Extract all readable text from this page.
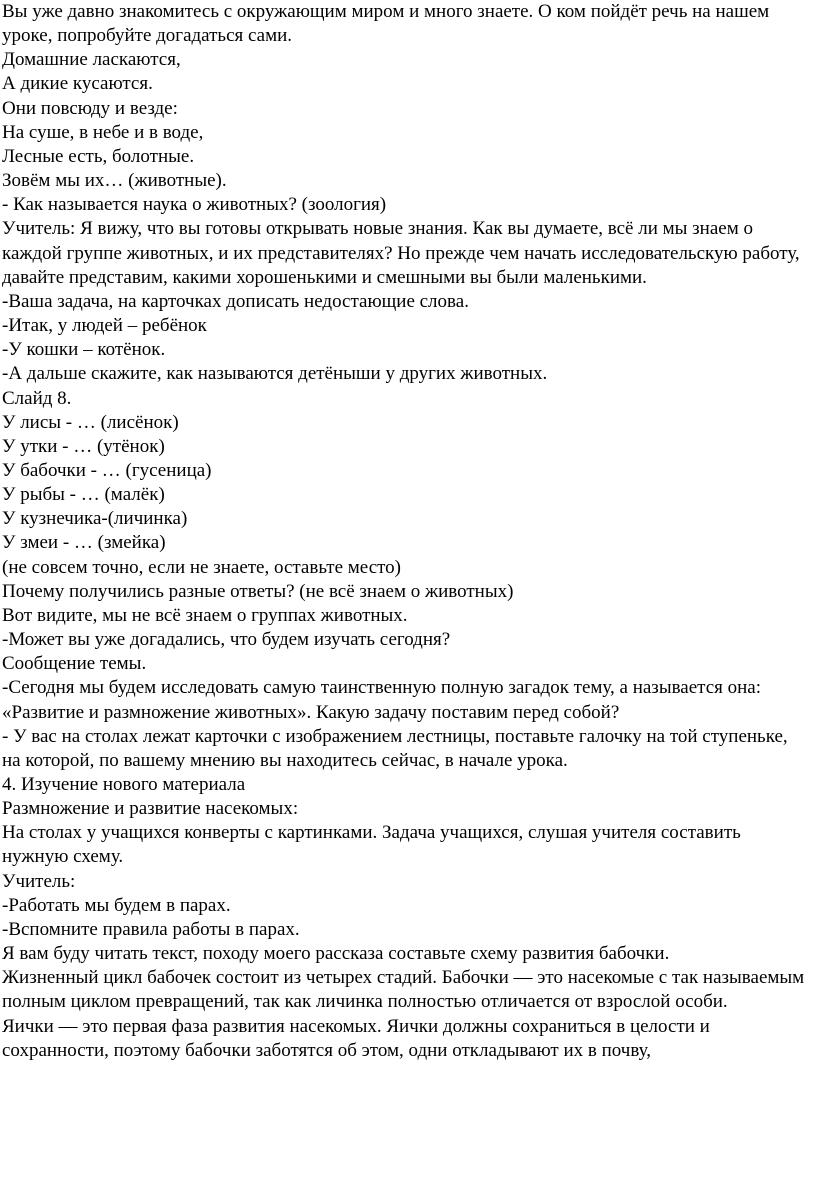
Вы уже давно знакомитесь с окружающим миром и много знаете. О ком пойдёт речь на нашем уроке, попробуйте догадаться сами.

Домашние ласкаются,

А дикие кусаются.

Они повсюду и везде:

На суше, в небе и в воде,

Лесные есть, болотные.

Зовём мы их… (животные).

- Как называется наука о животных? (зоология)

Учитель: Я вижу, что вы готовы открывать новые знания. Как вы думаете, всё ли мы знаем о каждой группе животных, и их представителях? Но прежде чем начать исследовательскую работу, давайте представим, какими хорошенькими и смешными вы были маленькими.

-Ваша задача, на карточках дописать недостающие слова.

-Итак, у людей – ребёнок

-У кошки – котёнок.

-А дальше скажите, как называются детёныши у других животных.

Слайд 8.

У лисы - … (лисёнок)

У утки - … (утёнок)

У бабочки - … (гусеница)

У рыбы - … (малёк)

У кузнечика-(личинка)

У змеи - … (змейка)

(не совсем точно, если не знаете, оставьте место)

Почему получились разные ответы? (не всё знаем о животных)

Вот видите, мы не всё знаем о группах животных.

-Может вы уже догадались, что будем изучать сегодня?

Сообщение темы.

-Сегодня мы будем исследовать самую таинственную полную загадок тему, а называется она: «Развитие и размножение животных». Какую задачу поставим перед собой?

- У вас на столах лежат карточки с изображением лестницы, поставьте галочку на той ступеньке, на которой, по вашему мнению вы находитесь сейчас, в начале урока.

4. Изучение нового материала

Размножение и развитие насекомых:

На столах у учащихся конверты с картинками. Задача учащихся, слушая учителя составить нужную схему.

Учитель:

-Работать мы будем в парах.

-Вспомните правила работы в парах.

Я вам буду читать текст, походу моего рассказа составьте схему развития бабочки.

Жизненный цикл бабочек состоит из четырех стадий. Бабочки — это насекомые с так называемым полным циклом превращений, так как личинка полностью отличается от взрослой особи.

Яички — это первая фаза развития насекомых. Яички должны сохраниться в целости и сохранности, поэтому бабочки заботятся об этом, одни откладывают их в почву,
